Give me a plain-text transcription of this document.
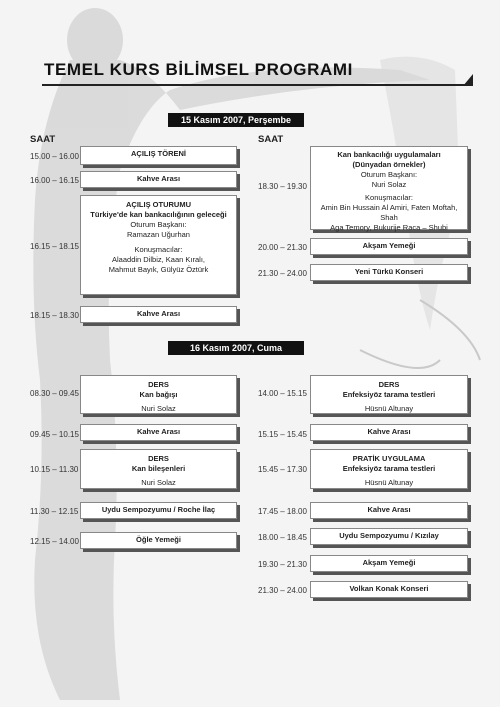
TEMEL KURS BİLİMSEL PROGRAMI
15 Kasım 2007, Perşembe
SAAT	SAAT
15.00 – 16.00	AÇILIŞ TÖRENİ
16.00 – 16.15	Kahve Arası
16.15 – 18.15
AÇILIŞ OTURUMU
Türkiye'de kan bankacılığının geleceği
Oturum Başkanı:
Ramazan Uğurhan
Konuşmacılar:
Alaaddin Dilbiz, Kaan Kıralı,
Mahmut Bayık, Gülyüz Öztürk
18.15 – 18.30	Kahve Arası
18.30 – 19.30
Kan bankacılığı uygulamaları
(Dünyadan örnekler)
Oturum Başkanı:
Nuri Solaz
Konuşmacılar:
Amin Bin Hussain Al Amiri, Faten Moftah, Shah
Aga Temory, Bukurije Raca – Shubi
20.00 – 21.30	Akşam Yemeği
21.30 – 24.00	Yeni Türkü Konseri
16 Kasım 2007, Cuma
08.30 – 09.45
DERS
Kan bağışı
Nuri Solaz
09.45 – 10.15	Kahve Arası
10.15 – 11.30
DERS
Kan bileşenleri
Nuri Solaz
11.30 – 12.15	Uydu Sempozyumu / Roche İlaç
12.15 – 14.00	Öğle Yemeği
14.00 – 15.15
DERS
Enfeksiyöz tarama testleri
Hüsnü Altunay
15.15 – 15.45	Kahve Arası
15.45 – 17.30
PRATİK UYGULAMA
Enfeksiyöz tarama testleri
Hüsnü Altunay
17.45 – 18.00	Kahve Arası
18.00 – 18.45	Uydu Sempozyumu / Kızılay
19.30 – 21.30	Akşam Yemeği
21.30 – 24.00	Volkan Konak Konseri
